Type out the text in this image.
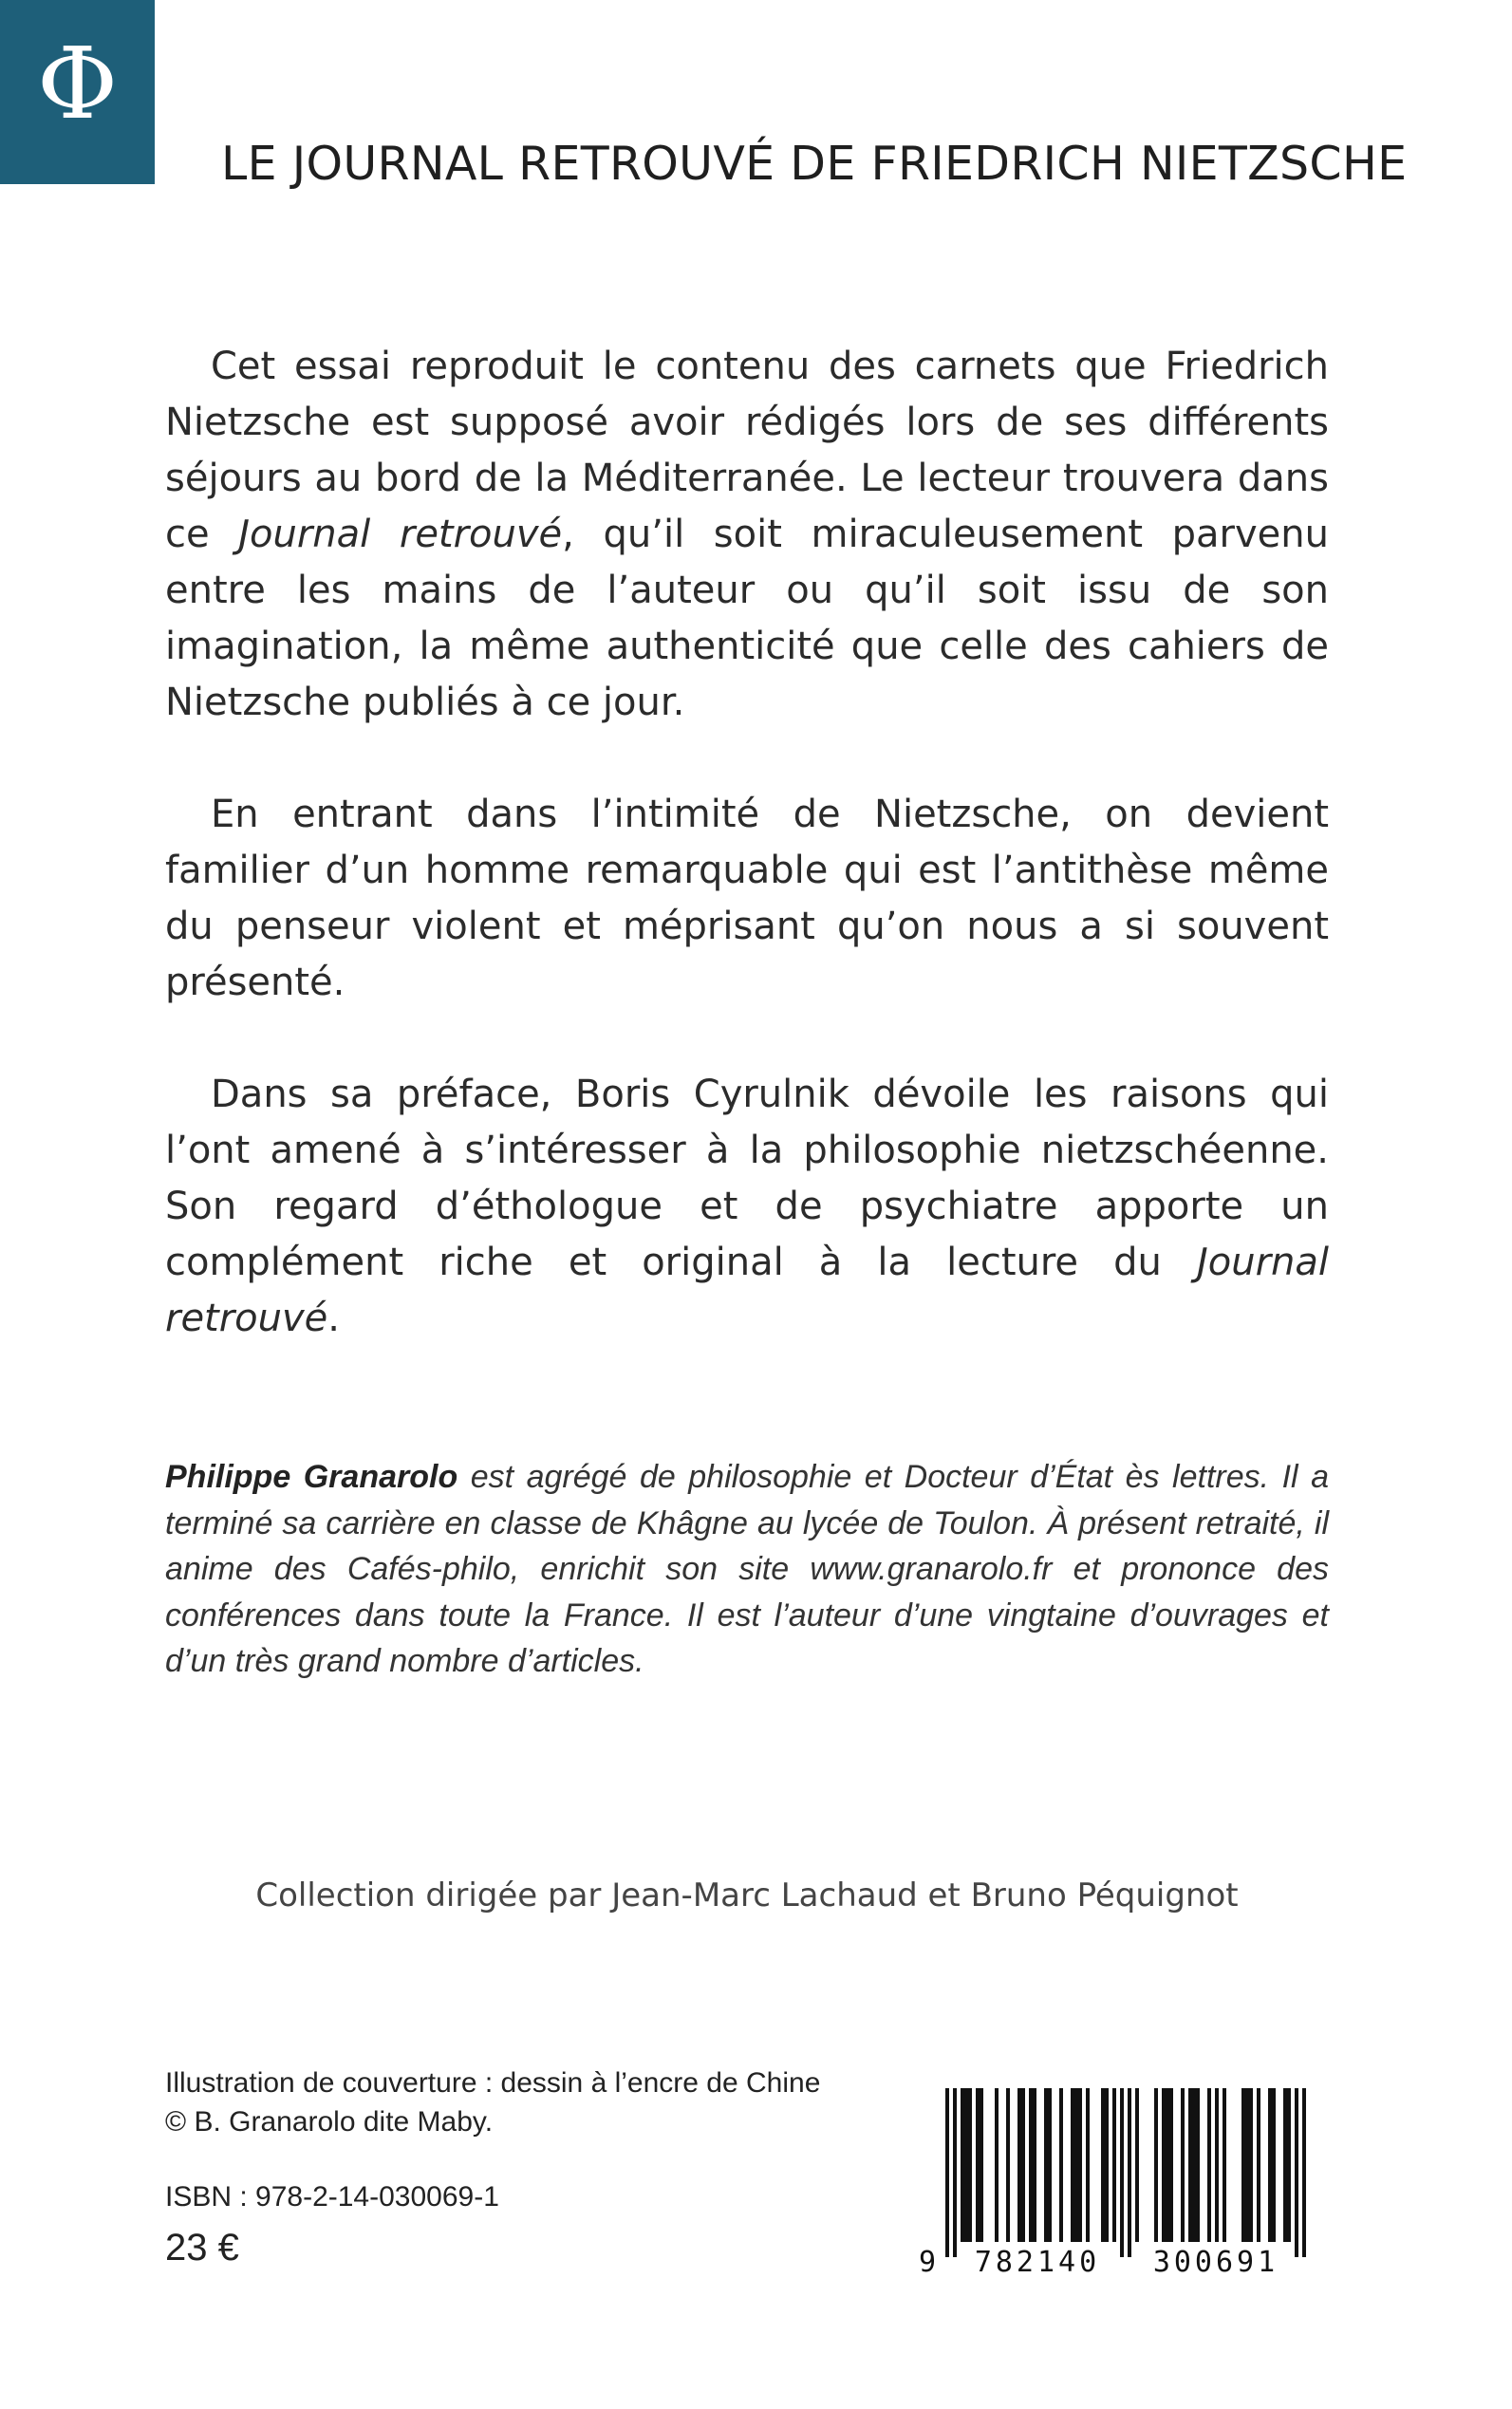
Φ
LE JOURNAL RETROUVÉ DE FRIEDRICH NIETZSCHE

Cet essai reproduit le contenu des carnets que Friedrich Nietzsche est supposé avoir rédigés lors de ses différents séjours au bord de la Méditerranée. Le lecteur trouvera dans ce Journal retrouvé, qu’il soit miraculeusement parvenu entre les mains de l’auteur ou qu’il soit issu de son imagination, la même authenticité que celle des cahiers de Nietzsche publiés à ce jour.

En entrant dans l’intimité de Nietzsche, on devient familier d’un homme remarquable qui est l’antithèse même du penseur violent et méprisant qu’on nous a si souvent présenté.

Dans sa préface, Boris Cyrulnik dévoile les raisons qui l’ont amené à s’intéresser à la philosophie nietzschéenne. Son regard d’éthologue et de psychiatre apporte un complément riche et original à la lecture du Journal retrouvé.

Philippe Granarolo est agrégé de philosophie et Docteur d’État ès lettres. Il a terminé sa carrière en classe de Khâgne au lycée de Toulon. À présent retraité, il anime des Cafés-philo, enrichit son site www.granarolo.fr et prononce des conférences dans toute la France. Il est l’auteur d’une vingtaine d’ouvrages et d’un très grand nombre d’articles.
Collection dirigée par Jean-Marc Lachaud et Bruno Péquignot
Illustration de couverture : dessin à l’encre de Chine
© B. Granarolo dite Maby.
ISBN : 978-2-14-030069-1
23 €	9 782140 300691
